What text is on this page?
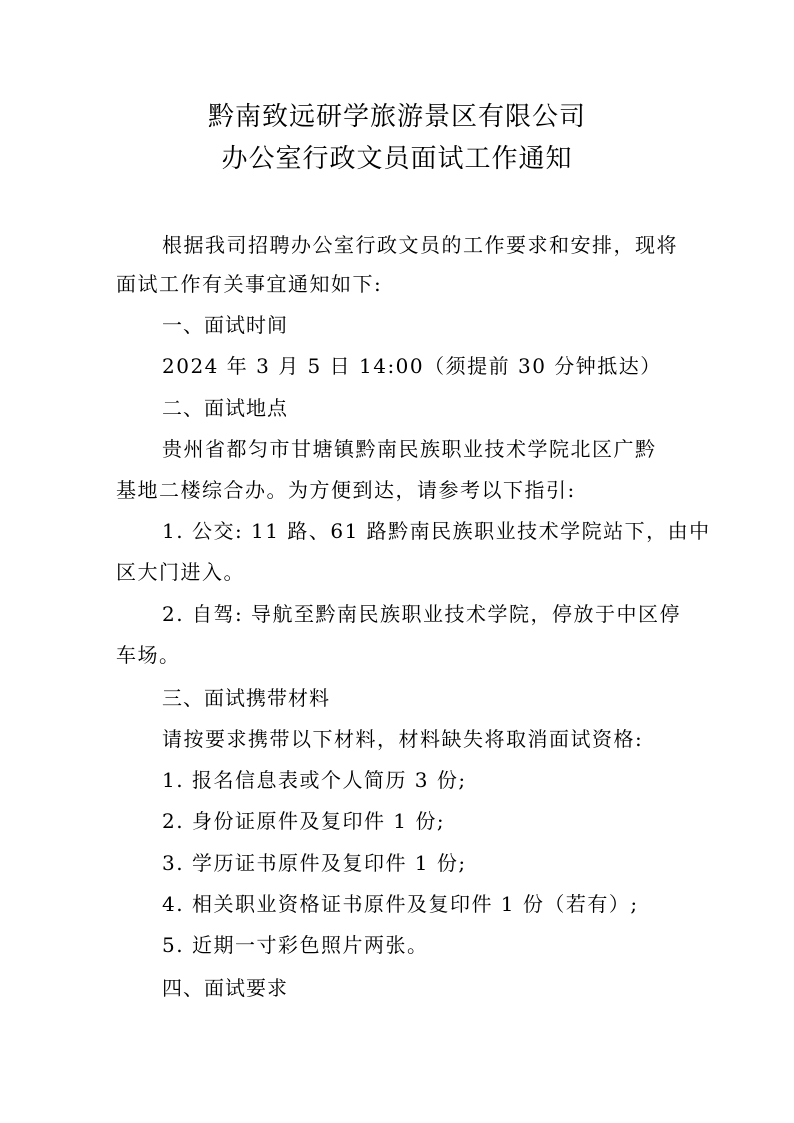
黔南致远研学旅游景区有限公司
办公室行政文员面试工作通知
根据我司招聘办公室行政文员的工作要求和安排，现将
面试工作有关事宜通知如下:
一、面试时间
2024 年 3 月 5 日 14:00（须提前 30 分钟抵达）
二、面试地点
贵州省都匀市甘塘镇黔南民族职业技术学院北区广黔
基地二楼综合办。为方便到达，请参考以下指引:
1. 公交: 11 路、61 路黔南民族职业技术学院站下，由中
区大门进入。
2. 自驾: 导航至黔南民族职业技术学院，停放于中区停
车场。
三、面试携带材料
请按要求携带以下材料，材料缺失将取消面试资格:
1. 报名信息表或个人简历 3 份;
2. 身份证原件及复印件 1 份;
3. 学历证书原件及复印件 1 份;
4. 相关职业资格证书原件及复印件 1 份（若有）;
5. 近期一寸彩色照片两张。
四、面试要求
